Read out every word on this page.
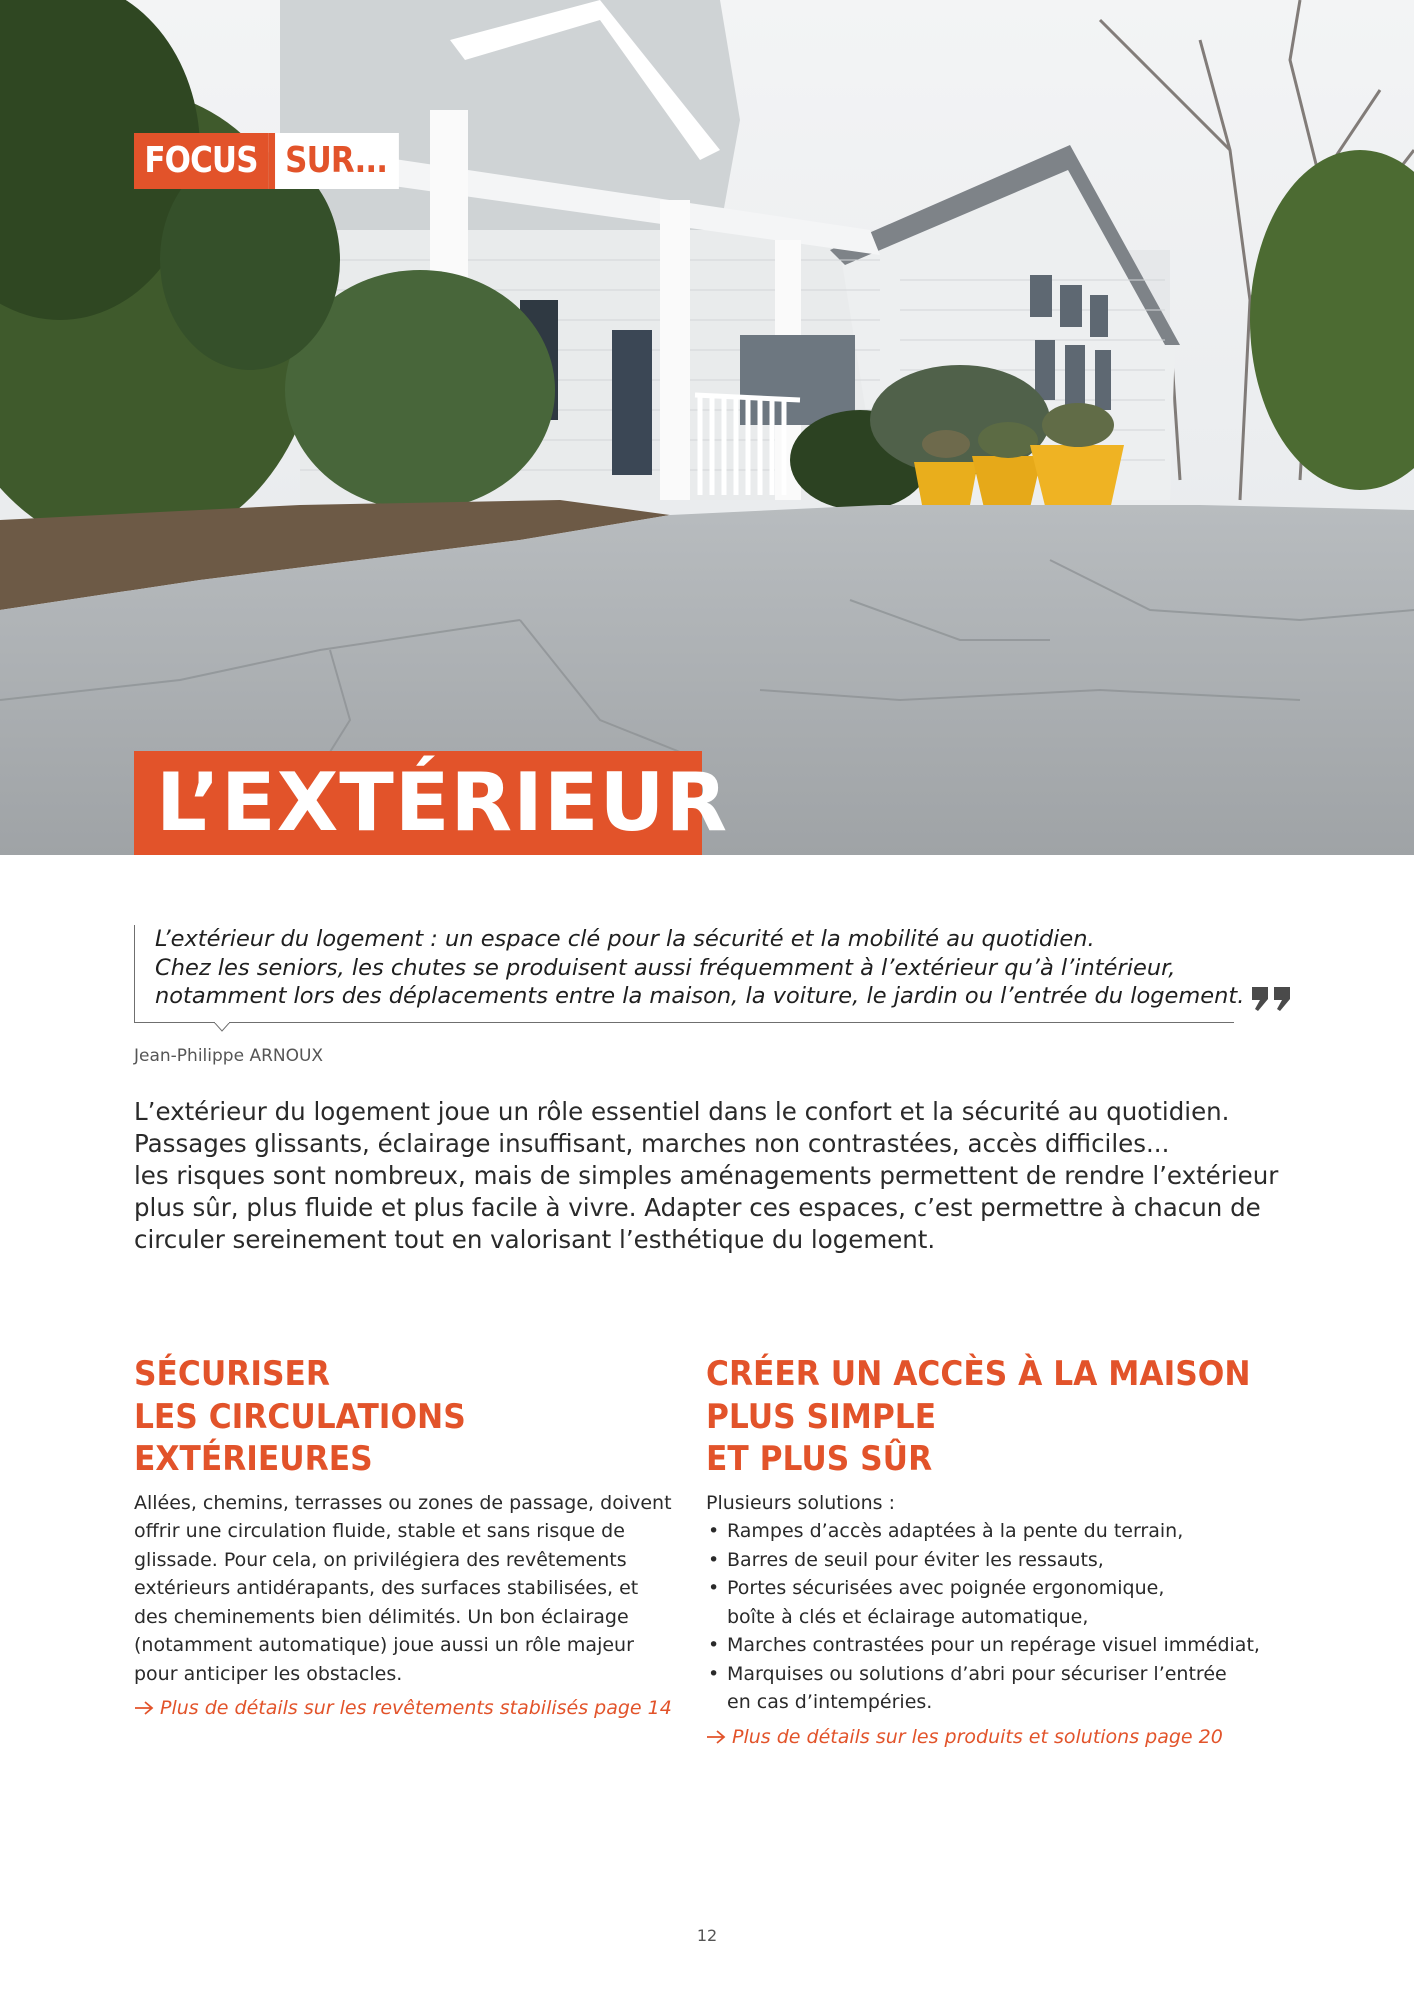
FOCUS SUR...
L’EXTÉRIEUR

L’extérieur du logement : un espace clé pour la sécurité et la mobilité au quotidien.

Chez les seniors, les chutes se produisent aussi fréquemment à l’extérieur qu’à l’intérieur,

notamment lors des déplacements entre la maison, la voiture, le jardin ou l’entrée du logement.

Jean-Philippe ARNOUX

L’extérieur du logement joue un rôle essentiel dans le confort et la sécurité au quotidien.

Passages glissants, éclairage insuffisant, marches non contrastées, accès difficiles...

les risques sont nombreux, mais de simples aménagements permettent de rendre l’extérieur

plus sûr, plus fluide et plus facile à vivre. Adapter ces espaces, c’est permettre à chacun de

circuler sereinement tout en valorisant l’esthétique du logement.

SÉCURISER
LES CIRCULATIONS
EXTÉRIEURES

Allées, chemins, terrasses ou zones de passage, doivent

offrir une circulation fluide, stable et sans risque de

glissade. Pour cela, on privilégiera des revêtements

extérieurs antidérapants, des surfaces stabilisées, et

des cheminements bien délimités. Un bon éclairage

(notamment automatique) joue aussi un rôle majeur

pour anticiper les obstacles.

Plus de détails sur les revêtements stabilisés page 14
CRÉER UN ACCÈS À LA MAISON
PLUS SIMPLE
ET PLUS SÛR

Plusieurs solutions :

• Rampes d’accès adaptées à la pente du terrain,
• Barres de seuil pour éviter les ressauts,
• Portes sécurisées avec poignée ergonomique,
boîte à clés et éclairage automatique,
• Marches contrastées pour un repérage visuel immédiat,
• Marquises ou solutions d’abri pour sécuriser l’entrée
en cas d’intempéries.
Plus de détails sur les produits et solutions page 20
12
